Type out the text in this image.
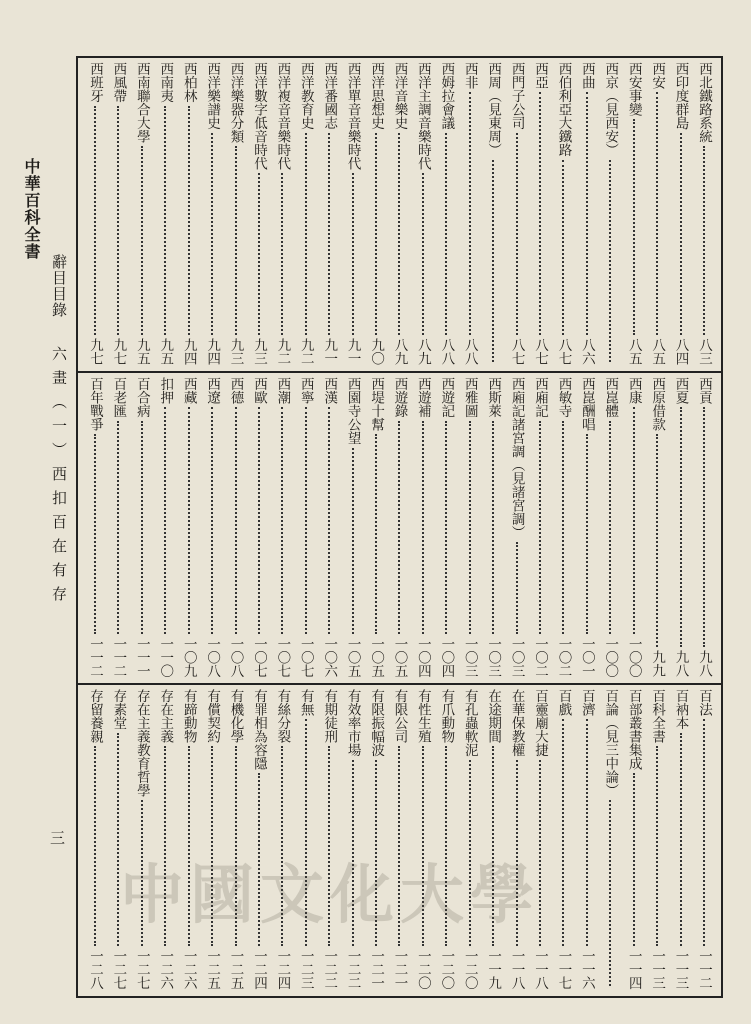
中華百科全書
辭目目錄
六畫（一）西扣百在有存
三
西北鐵路系統
八三
西印度群島
八四
西安
八五
西安事變
八五
西京（見西安）
西曲
八六
西伯利亞大鐵路
八七
西亞
八七
西門子公司
八七
西周（見東周）
西非
八八
西姆拉會議
八八
西洋主調音樂時代
八九
西洋音樂史
八九
西洋思想史
九〇
西洋單音音樂時代
九一
西洋番國志
九一
西洋教育史
九二
西洋複音音樂時代
九二
西洋數字低音時代
九三
西洋樂器分類
九三
西洋樂譜史
九四
西柏林
九四
西南夷
九五
西南聯合大學
九五
西風帶
九七
西班牙
九七
西貢
九八
西夏
九八
西原借款
九九
西康
一〇〇
西崑體
一〇〇
西崑酬唱
一〇一
西敏寺
一〇二
西廂記
一〇二
西廂記諸宮調（見諸宮調）
一〇三
西斯萊
一〇三
西雅圖
一〇三
西遊記
一〇四
西遊補
一〇四
西遊錄
一〇五
西堤十幫
一〇五
西園寺公望
一〇五
西漢
一〇六
西寧
一〇七
西潮
一〇七
西歐
一〇七
西德
一〇八
西遼
一〇八
西藏
一〇九
扣押
一一〇
百合病
一一一
百老匯
一一二
百年戰爭
一一二
百法
一一二
百衲本
一一三
百科全書
一一三
百部叢書集成
一一四
百論（見三中論）
百濟
一一六
百戲
一一七
百靈廟大捷
一一八
在華保教權
一一八
在途期間
一一九
有孔蟲軟泥
一二〇
有爪動物
一二〇
有性生殖
一二〇
有限公司
一二一
有限振幅波
一二一
有效率市場
一二二
有期徒刑
一二二
有無
一二三
有絲分裂
一二四
有罪相為容隱
一二四
有機化學
一二五
有償契約
一二五
有蹄動物
一二六
存在主義
一二六
存在主義教育哲學
一二七
存素堂
一二七
存留養親
一二八
中國文化大學
